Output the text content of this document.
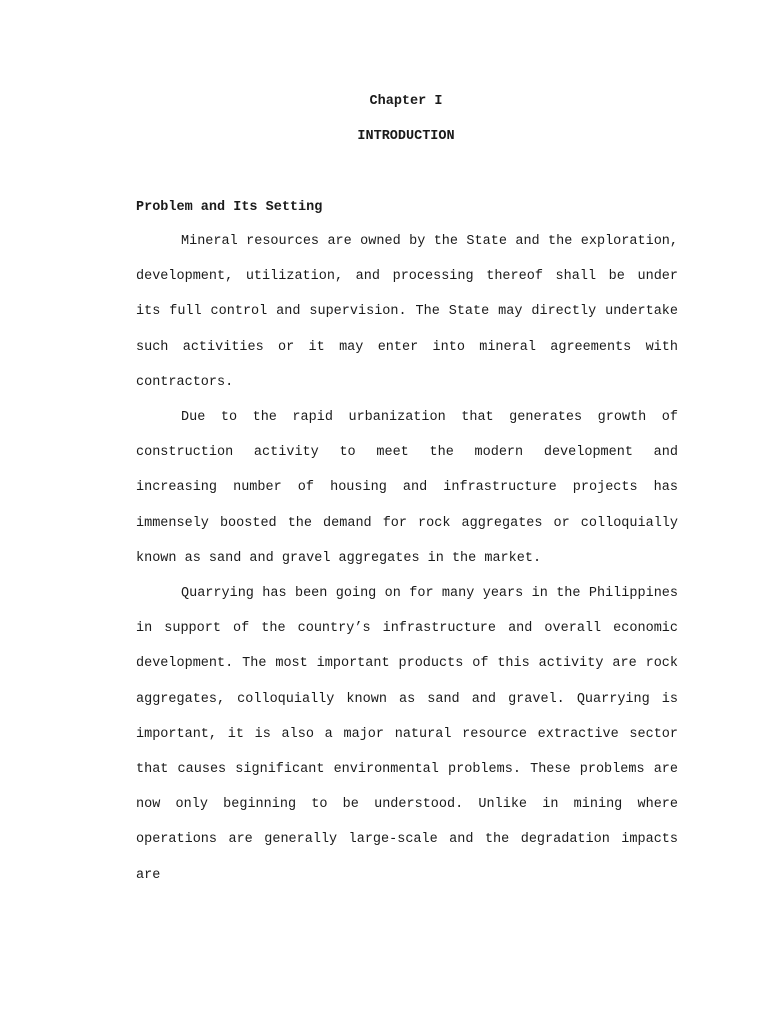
Chapter I
INTRODUCTION
Problem and Its Setting

Mineral resources are owned by the State and the exploration, development, utilization, and processing thereof shall be under its full control and supervision. The State may directly undertake such activities or it may enter into mineral agreements with contractors.

Due to the rapid urbanization that generates growth of construction activity to meet the modern development and increasing number of housing and infrastructure projects has immensely boosted the demand for rock aggregates or colloquially known as sand and gravel aggregates in the market.

Quarrying has been going on for many years in the Philippines in support of the country’s infrastructure and overall economic development. The most important products of this activity are rock aggregates, colloquially known as sand and gravel. Quarrying is important, it is also a major natural resource extractive sector that causes significant environmental problems. These problems are now only beginning to be understood. Unlike in mining where operations are generally large-scale and the degradation impacts are
